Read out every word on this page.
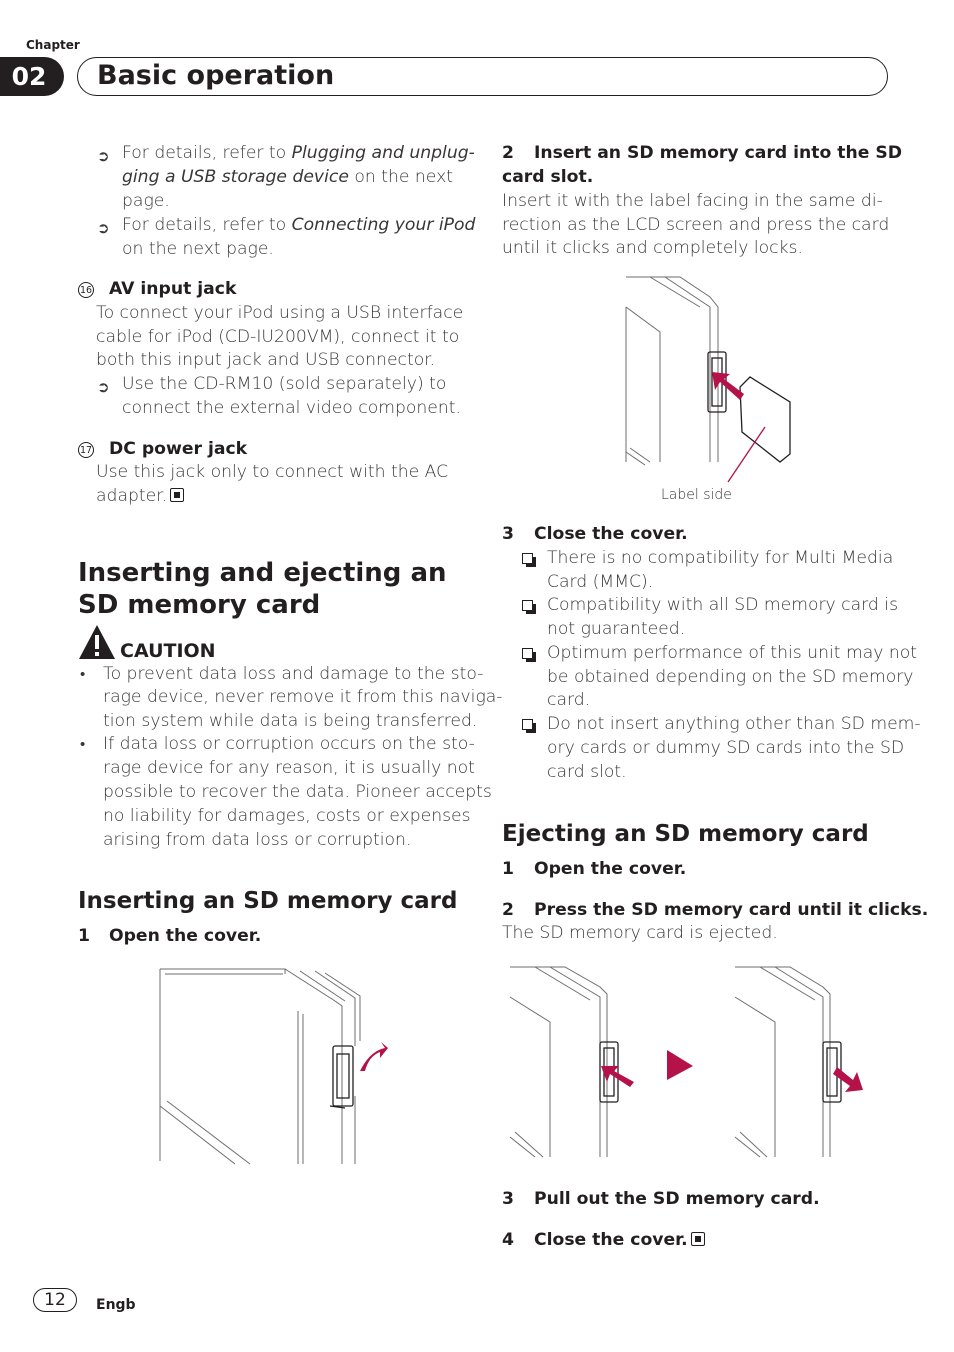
Chapter
02	Basic operation
➲ For details, refer to Plugging and unplug-
ging a USB storage device on the next
page.
➲ For details, refer to Connecting your iPod
on the next page.
16 AV input jack
To connect your iPod using a USB interface
cable for iPod (CD-IU200VM), connect it to
both this input jack and USB connector.
➲ Use the CD-RM10 (sold separately) to
connect the external video component.
17 DC power jack
Use this jack only to connect with the AC
adapter.
Inserting and ejecting an
SD memory card
CAUTION
• To prevent data loss and damage to the sto-
rage device, never remove it from this naviga-
tion system while data is being transferred.
• If data loss or corruption occurs on the sto-
rage device for any reason, it is usually not
possible to recover the data. Pioneer accepts
no liability for damages, costs or expenses
arising from data loss or corruption.
Inserting an SD memory card
1 Open the cover.
2 Insert an SD memory card into the SD
card slot.
Insert it with the label facing in the same di-
rection as the LCD screen and press the card
until it clicks and completely locks.
Label side
3 Close the cover.
There is no compatibility for Multi Media
Card (MMC).
Compatibility with all SD memory card is
not guaranteed.
Optimum performance of this unit may not
be obtained depending on the SD memory
card.
Do not insert anything other than SD mem-
ory cards or dummy SD cards into the SD
card slot.
Ejecting an SD memory card
1 Open the cover.
2 Press the SD memory card until it clicks.
The SD memory card is ejected.
3 Pull out the SD memory card.
4 Close the cover.
12	Engb
